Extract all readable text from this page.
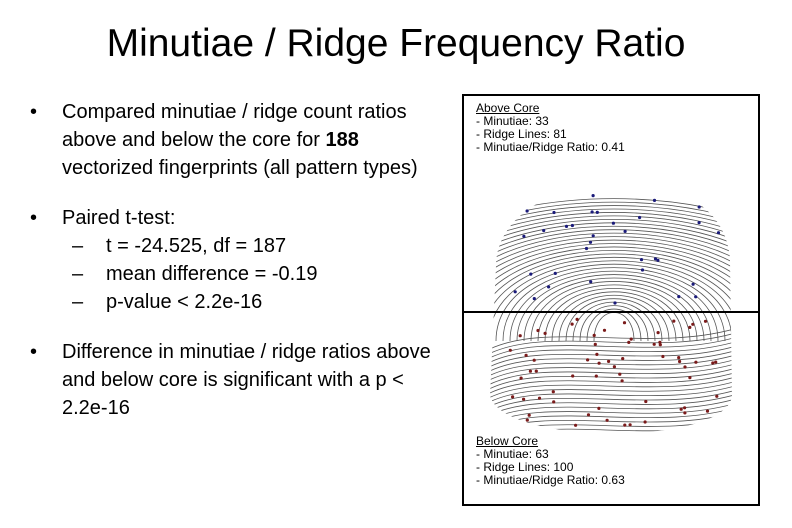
Minutiae / Ridge Frequency Ratio
• Compared minutiae / ridge count ratios above and below the core for 188 vectorized fingerprints (all pattern types)
• Paired t-test:
– t = -24.525, df = 187
– mean difference = -0.19
– p-value < 2.2e-16
• Difference in minutiae / ridge ratios above and below core is significant with a p < 2.2e-16
Above Core
- Minutiae: 33
- Ridge Lines: 81
- Minutiae/Ridge Ratio: 0.41
Below Core
- Minutiae: 63
- Ridge Lines: 100
- Minutiae/Ridge Ratio: 0.63
